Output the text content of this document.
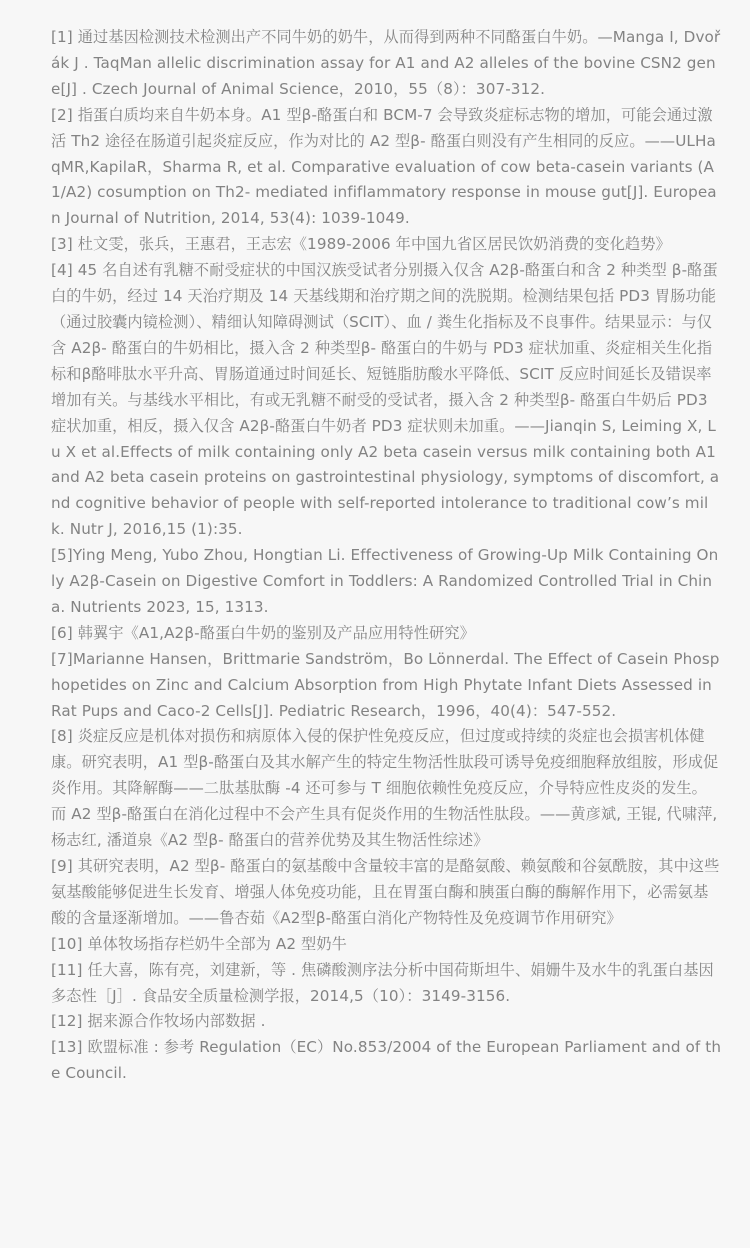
[1] 通过基因检测技术检测出产不同牛奶的奶牛，从而得到两种不同酪蛋白牛奶。—Manga I, Dvořák J . TaqMan allelic discrimination assay for A1 and A2 alleles of the bovine CSN2 gene[J] . Czech Journal of Animal Science，2010，55（8）：307-312.
[2] 指蛋白质均来自牛奶本身。A1 型β-酪蛋白和 BCM-7 会导致炎症标志物的增加，可能会通过激活 Th2 途径在肠道引起炎症反应，作为对比的 A2 型β- 酪蛋白则没有产生相同的反应。——ULHaqMR,KapilaR，Sharma R, et al. Comparative evaluation of cow beta-casein variants (A1/A2) cosumption on Th2- mediated infiflammatory response in mouse gut[J]. European Journal of Nutrition, 2014, 53(4): 1039-1049.
[3] 杜文雯，张兵，王惠君，王志宏《1989-2006 年中国九省区居民饮奶消费的变化趋势》
[4] 45 名自述有乳糖不耐受症状的中国汉族受试者分别摄入仅含 A2β-酪蛋白和含 2 种类型 β-酪蛋白的牛奶，经过 14 天治疗期及 14 天基线期和治疗期之间的洗脱期。检测结果包括 PD3 胃肠功能（通过胶囊内镜检测）、精细认知障碍测试（SCIT）、血 / 粪生化指标及不良事件。结果显示：与仅含 A2β- 酪蛋白的牛奶相比，摄入含 2 种类型β- 酪蛋白的牛奶与 PD3 症状加重、炎症相关生化指标和β酪啡肽水平升高、胃肠道通过时间延长、短链脂肪酸水平降低、SCIT 反应时间延长及错误率增加有关。与基线水平相比，有或无乳糖不耐受的受试者，摄入含 2 种类型β- 酪蛋白牛奶后 PD3 症状加重，相反，摄入仅含 A2β-酪蛋白牛奶者 PD3 症状则未加重。——Jianqin S, Leiming X, Lu X et al.Effects of milk containing only A2 beta casein versus milk containing both A1 and A2 beta casein proteins on gastrointestinal physiology, symptoms of discomfort, and cognitive behavior of people with self-reported intolerance to traditional cow’s milk. Nutr J, 2016,15 (1):35.
[5]Ying Meng, Yubo Zhou, Hongtian Li. Effectiveness of Growing-Up Milk Containing Only A2β-Casein on Digestive Comfort in Toddlers: A Randomized Controlled Trial in China. Nutrients 2023, 15, 1313.
[6] 韩翼宇《A1,A2β-酪蛋白牛奶的鉴别及产品应用特性研究》
[7]Marianne Hansen，Brittmarie Sandström，Bo Lönnerdal. The Effect of Casein Phosphopetides on Zinc and Calcium Absorption from High Phytate Infant Diets Assessed in Rat Pups and Caco-2 Cells[J]. Pediatric Research，1996，40(4)：547-552.
[8] 炎症反应是机体对损伤和病原体入侵的保护性免疫反应，但过度或持续的炎症也会损害机体健康。研究表明，A1 型β-酪蛋白及其水解产生的特定生物活性肽段可诱导免疫细胞释放组胺，形成促炎作用。其降解酶——二肽基肽酶 -4 还可参与 T 细胞依赖性免疫反应，介导特应性皮炎的发生。而 A2 型β-酪蛋白在消化过程中不会产生具有促炎作用的生物活性肽段。——黄彦斌, 王锟, 代啸萍, 杨志红, 潘道泉《A2 型β- 酪蛋白的营养优势及其生物活性综述》
[9] 其研究表明，A2 型β- 酪蛋白的氨基酸中含量较丰富的是酪氨酸、赖氨酸和谷氨酰胺，其中这些氨基酸能够促进生长发育、增强人体免疫功能，且在胃蛋白酶和胰蛋白酶的酶解作用下，必需氨基酸的含量逐渐增加。——鲁杏茹《A2型β-酪蛋白消化产物特性及免疫调节作用研究》
[10] 单体牧场指存栏奶牛全部为 A2 型奶牛
[11] 任大喜，陈有亮，刘建新，等 . 焦磷酸测序法分析中国荷斯坦牛、娟姗牛及水牛的乳蛋白基因多态性［J］. 食品安全质量检测学报，2014,5（10）：3149-3156.
[12] 据来源合作牧场内部数据 .
[13] 欧盟标准 : 参考 Regulation（EC）No.853/2004 of the European Parliament and of the Council.
